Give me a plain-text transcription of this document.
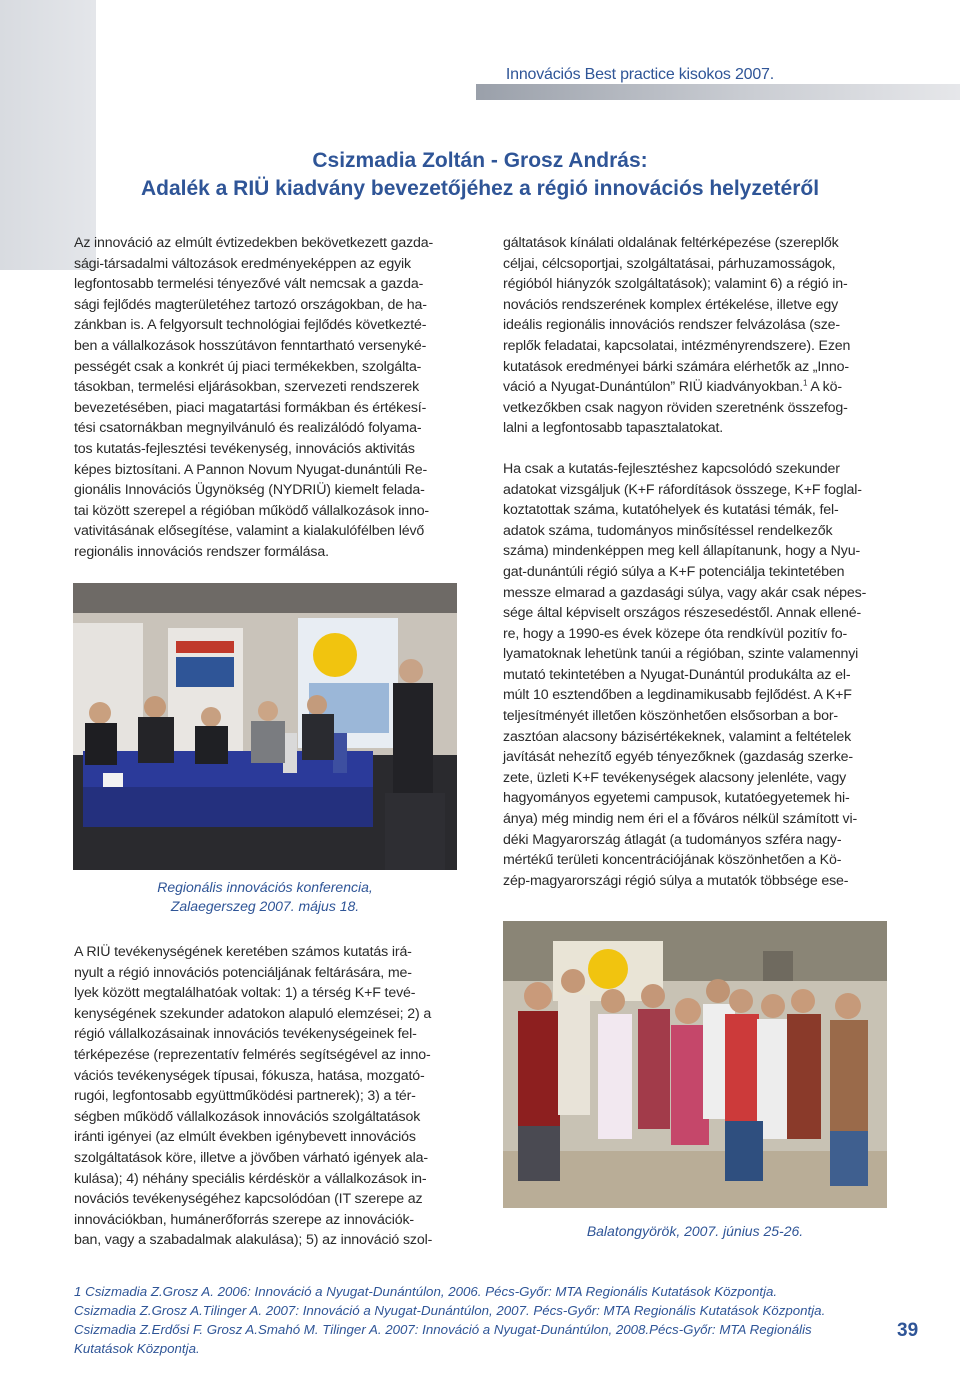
Innovációs Best practice kisokos 2007.
Csizmadia Zoltán - Grosz András:
Adalék a RIÜ kiadvány bevezetőjéhez a régió innovációs helyzetéről

Az innováció az elmúlt évtizedekben bekövetkezett gazda-
sági-társadalmi változások eredményeképpen az egyik
legfontosabb termelési tényezővé vált nemcsak a gazda-
sági fejlődés magterületéhez tartozó országokban, de ha-
zánkban is. A felgyorsult technológiai fejlődés következté-
ben a vállalkozások hosszútávon fenntartható versenyké-
pességét csak a konkrét új piaci termékekben, szolgálta-
tásokban, termelési eljárásokban, szervezeti rendszerek
bevezetésében, piaci magatartási formákban és értékesí-
tési csatornákban megnyilvánuló és realizálódó folyama-
tos kutatás-fejlesztési tevékenység, innovációs aktivitás
képes biztosítani. A Pannon Novum Nyugat-dunántúli Re-
gionális Innovációs Ügynökség (NYDRIÜ) kiemelt felada-
tai között szerepel a régióban működő vállalkozások inno-
vativitásának elősegítése, valamint a kialakulófélben lévő
regionális innovációs rendszer formálása.

Regionális innovációs konferencia,
Zalaegerszeg 2007. május 18.

A RIÜ tevékenységének keretében számos kutatás irá-
nyult a régió innovációs potenciáljának feltárására, me-
lyek között megtalálhatóak voltak: 1) a térség K+F tevé-
kenységének szekunder adatokon alapuló elemzései; 2) a
régió vállalkozásainak innovációs tevékenységeinek fel-
térképezése (reprezentatív felmérés segítségével az inno-
vációs tevékenységek típusai, fókusza, hatása, mozgató-
rugói, legfontosabb együttműködési partnerek); 3) a tér-
ségben működő vállalkozások innovációs szolgáltatások
iránti igényei (az elmúlt években igénybevett innovációs
szolgáltatások köre, illetve a jövőben várható igények ala-
kulása); 4) néhány speciális kérdéskör a vállalkozások in-
novációs tevékenységéhez kapcsolódóan (IT szerepe az
innovációkban, humánerőforrás szerepe az innovációk-
ban, vagy a szabadalmak alakulása); 5) az innováció szol-

gáltatások kínálati oldalának feltérképezése (szereplők
céljai, célcsoportjai, szolgáltatásai, párhuzamosságok,
régióból hiányzók szolgáltatások); valamint 6) a régió in-
novációs rendszerének komplex értékelése, illetve egy
ideális regionális innovációs rendszer felvázolása (sze-
replők feladatai, kapcsolatai, intézményrendszere). Ezen
kutatások eredményei bárki számára elérhetők az „Inno-
váció a Nyugat-Dunántúlon” RIÜ kiadványokban.$^1$ A kö-
vetkezőkben csak nagyon röviden szeretnénk összefog-
lalni a legfontosabb tapasztalatokat.

Ha csak a kutatás-fejlesztéshez kapcsolódó szekunder
adatokat vizsgáljuk (K+F ráfordítások összege, K+F foglal-
koztatottak száma, kutatóhelyek és kutatási témák, fel-
adatok száma, tudományos minősítéssel rendelkezők
száma) mindenképpen meg kell állapítanunk, hogy a Nyu-
gat-dunántúli régió súlya a K+F potenciálja tekintetében
messze elmarad a gazdasági súlya, vagy akár csak népes-
sége által képviselt országos részesedéstől. Annak ellené-
re, hogy a 1990-es évek közepe óta rendkívül pozitív fo-
lyamatoknak lehetünk tanúi a régióban, szinte valamennyi
mutató tekintetében a Nyugat-Dunántúl produkálta az el-
múlt 10 esztendőben a legdinamikusabb fejlődést. A K+F
teljesítményét illetően köszönhetően elsősorban a bor-
zasztóan alacsony bázisértékeknek, valamint a feltételek
javítását nehezítő egyéb tényezőknek (gazdaság szerke-
zete, üzleti K+F tevékenységek alacsony jelenléte, vagy
hagyományos egyetemi campusok, kutatóegyetemek hi-
ánya) még mindig nem éri el a főváros nélkül számított vi-
déki Magyarország átlagát (a tudományos szféra nagy-
mértékű területi koncentrációjának köszönhetően a Kö-
zép-magyarországi régió súlya a mutatók többsége ese-

Balatongyörök, 2007. június 25-26.
1 Csizmadia Z.Grosz A. 2006: Innováció a Nyugat-Dunántúlon, 2006. Pécs-Győr: MTA Regionális Kutatások Központja.
Csizmadia Z.Grosz A.Tilinger A. 2007: Innováció a Nyugat-Dunántúlon, 2007. Pécs-Győr: MTA Regionális Kutatások Központja.
Csizmadia Z.Erdősi F. Grosz A.Smahó M. Tilinger A. 2007: Innováció a Nyugat-Dunántúlon, 2008.Pécs-Győr: MTA Regionális
Kutatások Központja.
39
